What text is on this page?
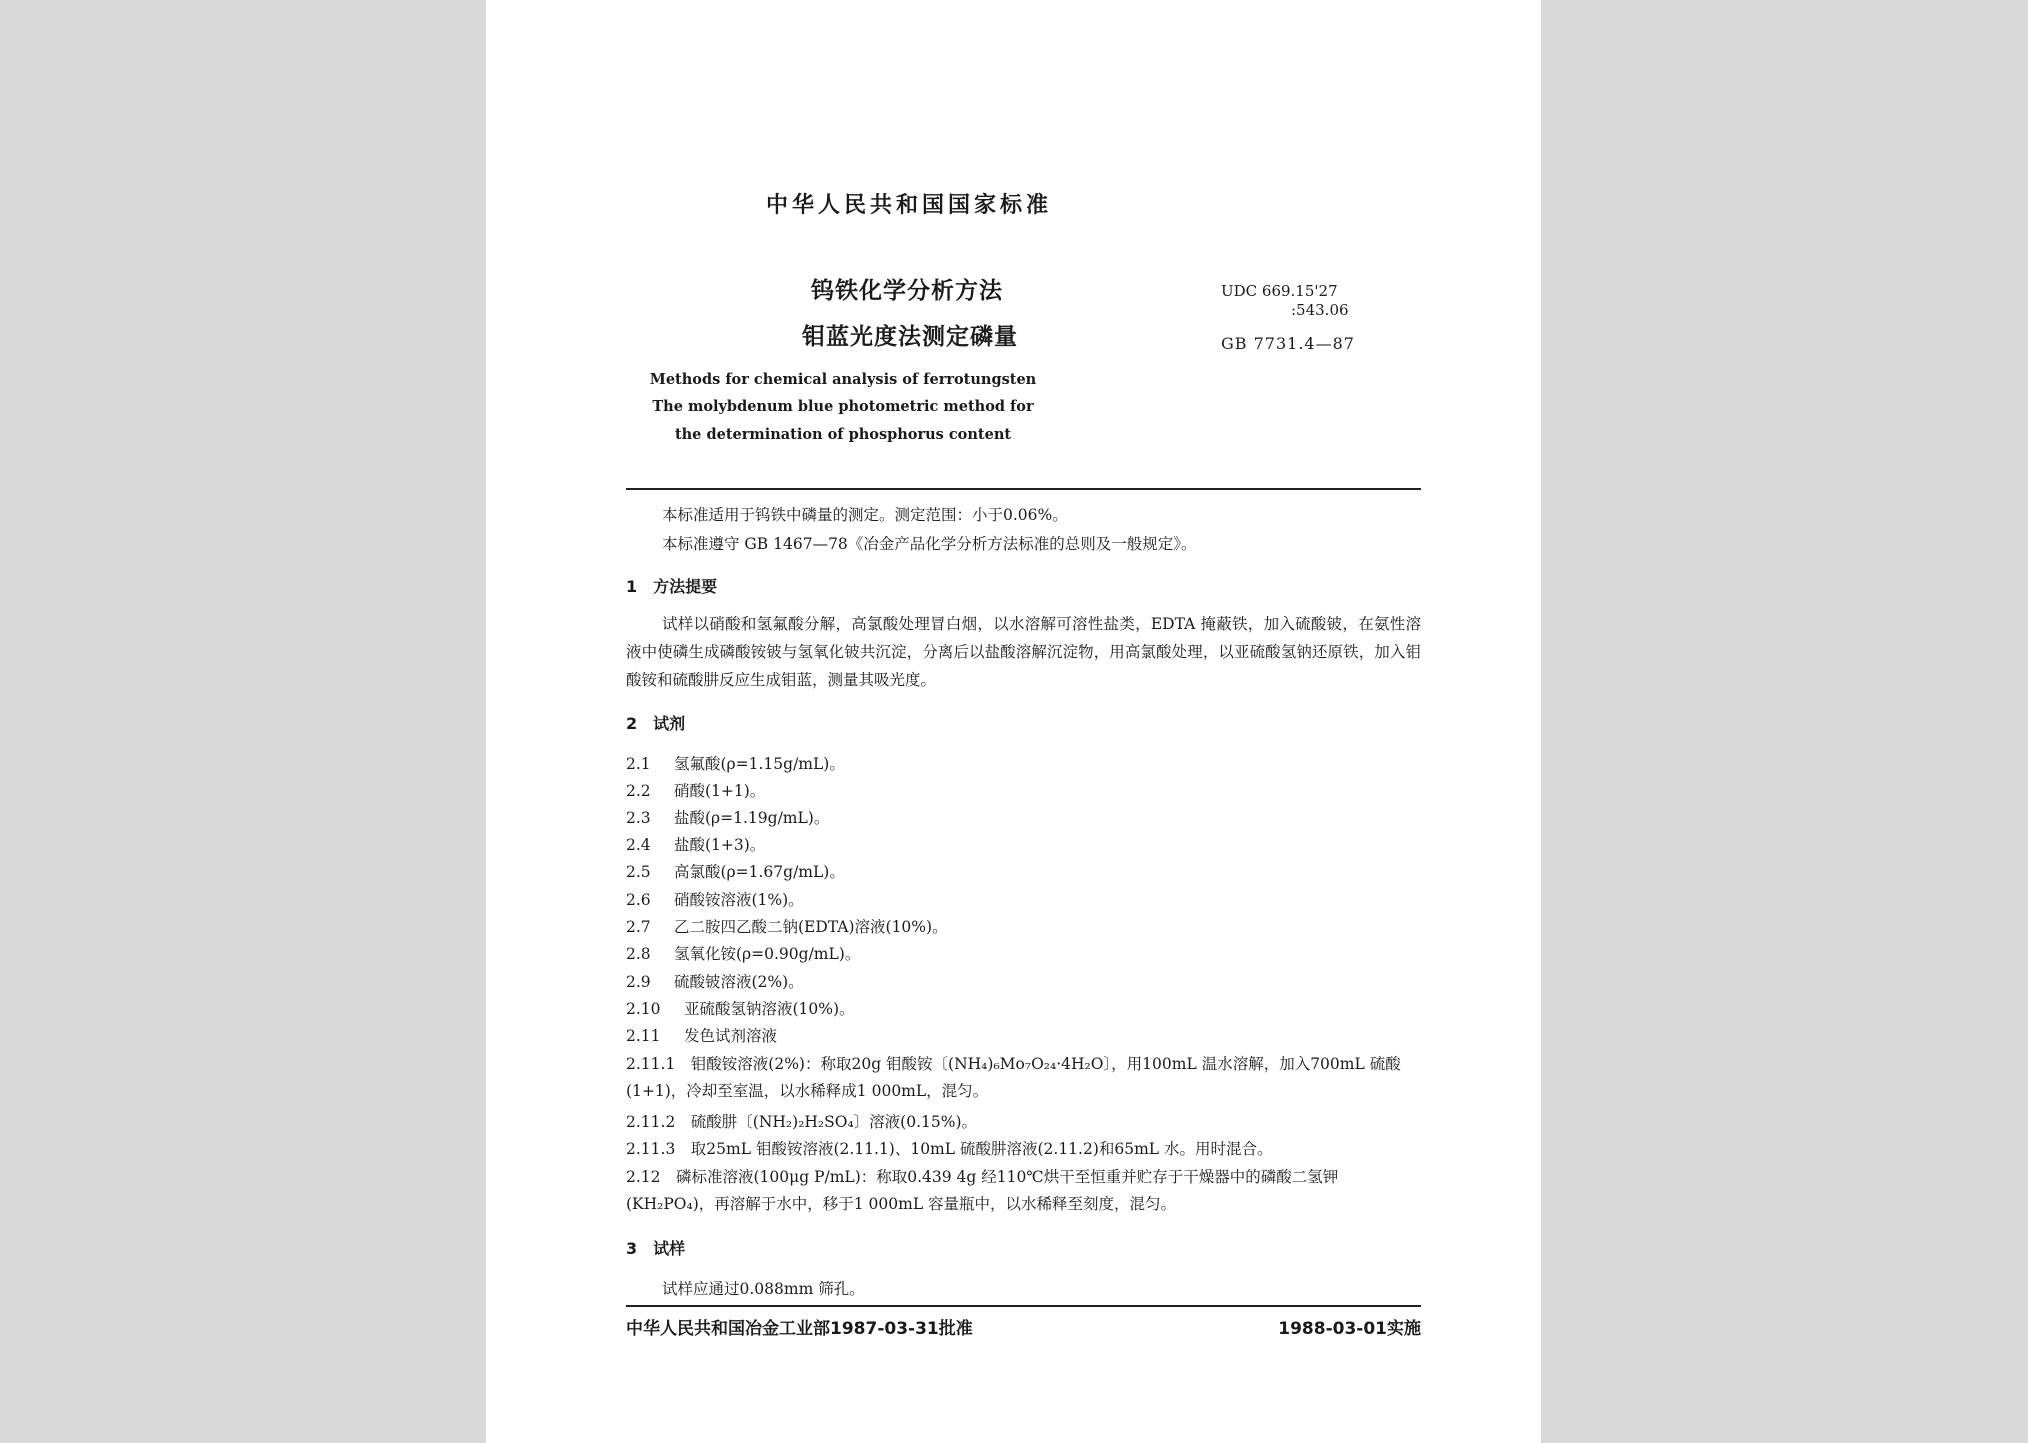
中华人民共和国国家标准
钨铁化学分析方法
钼蓝光度法测定磷量
UDC 669.15'27
:543.06
GB 7731.4—87
Methods for chemical analysis of ferrotungsten
The molybdenum blue photometric method for
the determination of phosphorus content
本标准适用于钨铁中磷量的测定。测定范围：小于0.06%。
本标准遵守 GB 1467—78《冶金产品化学分析方法标准的总则及一般规定》。
1　方法提要
试样以硝酸和氢氟酸分解，高氯酸处理冒白烟，以水溶解可溶性盐类，EDTA 掩蔽铁，加入硫酸铍，在氨性溶液中使磷生成磷酸铵铍与氢氧化铍共沉淀，分离后以盐酸溶解沉淀物，用高氯酸处理，以亚硫酸氢钠还原铁，加入钼酸铵和硫酸肼反应生成钼蓝，测量其吸光度。
2　试剂
2.1 氢氟酸(ρ=1.15g/mL)。
2.2 硝酸(1+1)。
2.3 盐酸(ρ=1.19g/mL)。
2.4 盐酸(1+3)。
2.5 高氯酸(ρ=1.67g/mL)。
2.6 硝酸铵溶液(1%)。
2.7 乙二胺四乙酸二钠(EDTA)溶液(10%)。
2.8 氢氧化铵(ρ=0.90g/mL)。
2.9 硫酸铍溶液(2%)。
2.10 亚硫酸氢钠溶液(10%)。
2.11 发色试剂溶液
2.11.1　钼酸铵溶液(2%)：称取20g 钼酸铵〔(NH₄)₆Mo₇O₂₄·4H₂O〕，用100mL 温水溶解，加入700mL 硫酸(1+1)，冷却至室温，以水稀释成1 000mL，混匀。
2.11.2　硫酸肼〔(NH₂)₂H₂SO₄〕溶液(0.15%)。
2.11.3　取25mL 钼酸铵溶液(2.11.1)、10mL 硫酸肼溶液(2.11.2)和65mL 水。用时混合。
2.12　磷标准溶液(100μg P/mL)：称取0.439 4g 经110℃烘干至恒重并贮存于干燥器中的磷酸二氢钾(KH₂PO₄)，再溶解于水中，移于1 000mL 容量瓶中，以水稀释至刻度，混匀。
3　试样
试样应通过0.088mm 筛孔。
中华人民共和国冶金工业部1987-03-31批准	1988-03-01实施
